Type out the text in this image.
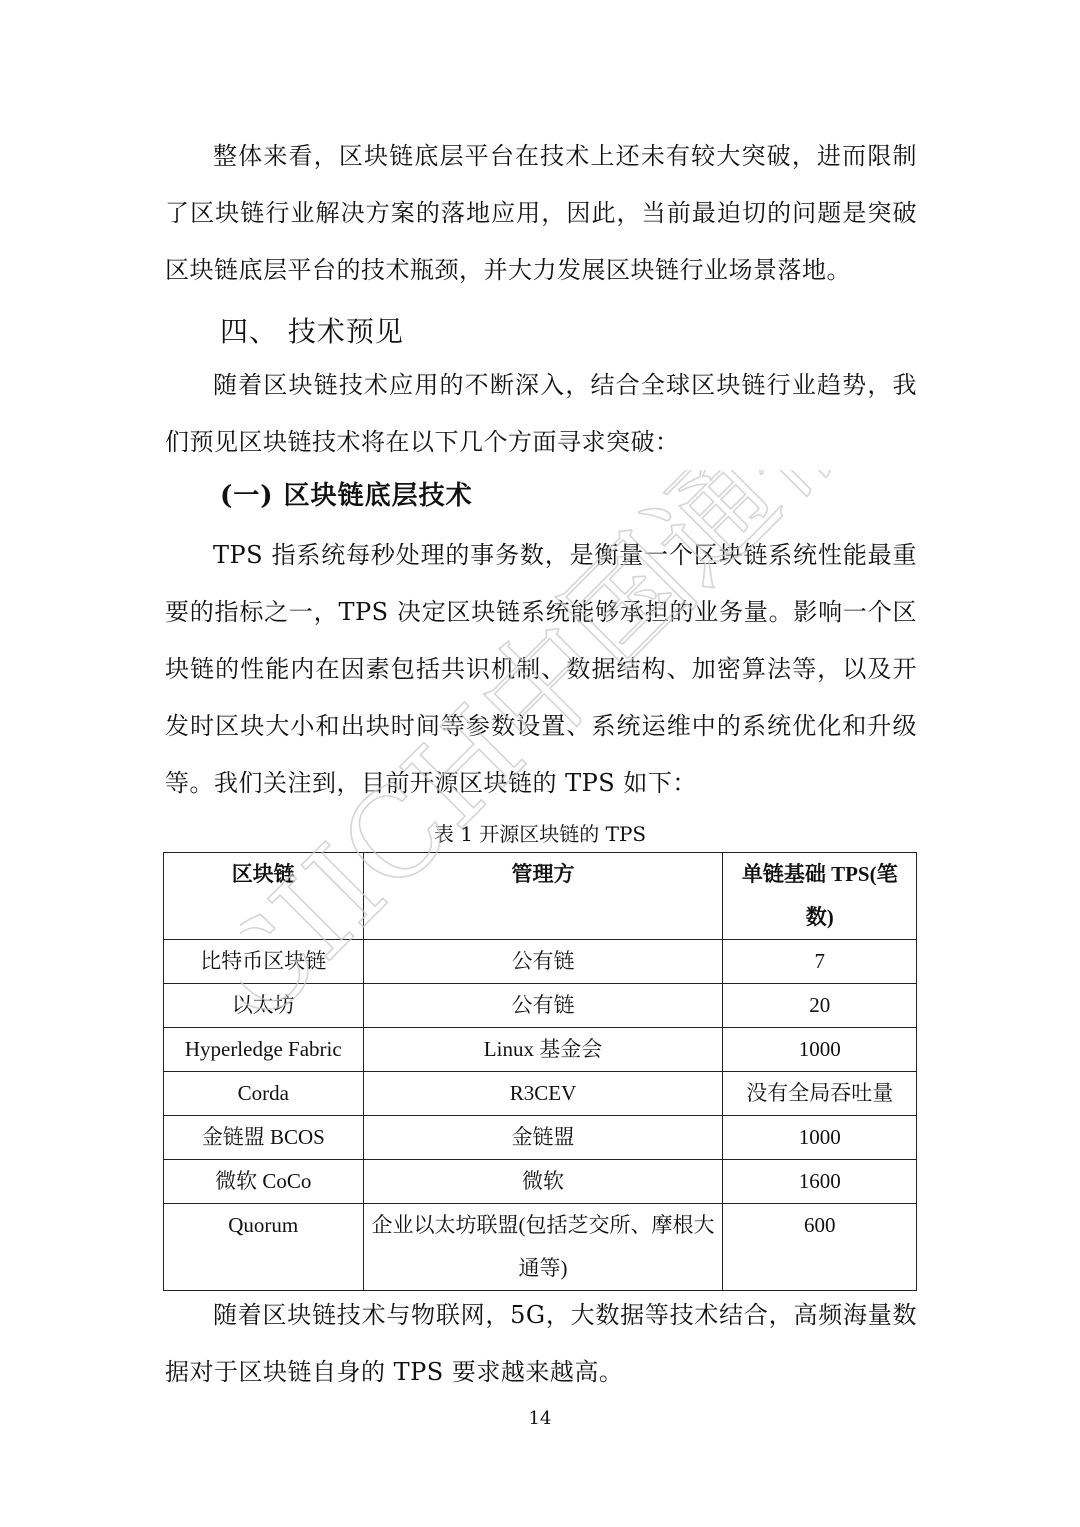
整体来看，区块链底层平台在技术上还未有较大突破，进而限制了区块链行业解决方案的落地应用，因此，当前最迫切的问题是突破区块链底层平台的技术瓶颈，并大力发展区块链行业场景落地。

四、 技术预见

随着区块链技术应用的不断深入，结合全球区块链行业趋势，我们预见区块链技术将在以下几个方面寻求突破：

(一) 区块链底层技术

TPS 指系统每秒处理的事务数，是衡量一个区块链系统性能最重要的指标之一，TPS 决定区块链系统能够承担的业务量。影响一个区块链的性能内在因素包括共识机制、数据结构、加密算法等，以及开发时区块大小和出块时间等参数设置、系统运维中的系统优化和升级等。我们关注到，目前开源区块链的 TPS 如下：

表 1 开源区块链的 TPS
区块链	管理方	单链基础 TPS(笔数)
比特币区块链	公有链	7
以太坊	公有链	20
Hyperledge Fabric	Linux 基金会	1000
Corda	R3CEV	没有全局吞吐量
金链盟 BCOS	金链盟	1000
微软 CoCo	微软	1600
Quorum	企业以太坊联盟(包括芝交所、摩根大通等)	600

随着区块链技术与物联网，5G，大数据等技术结合，高频海量数据对于区块链自身的 TPS 要求越来越高。

14
CIICH中国通信学会
